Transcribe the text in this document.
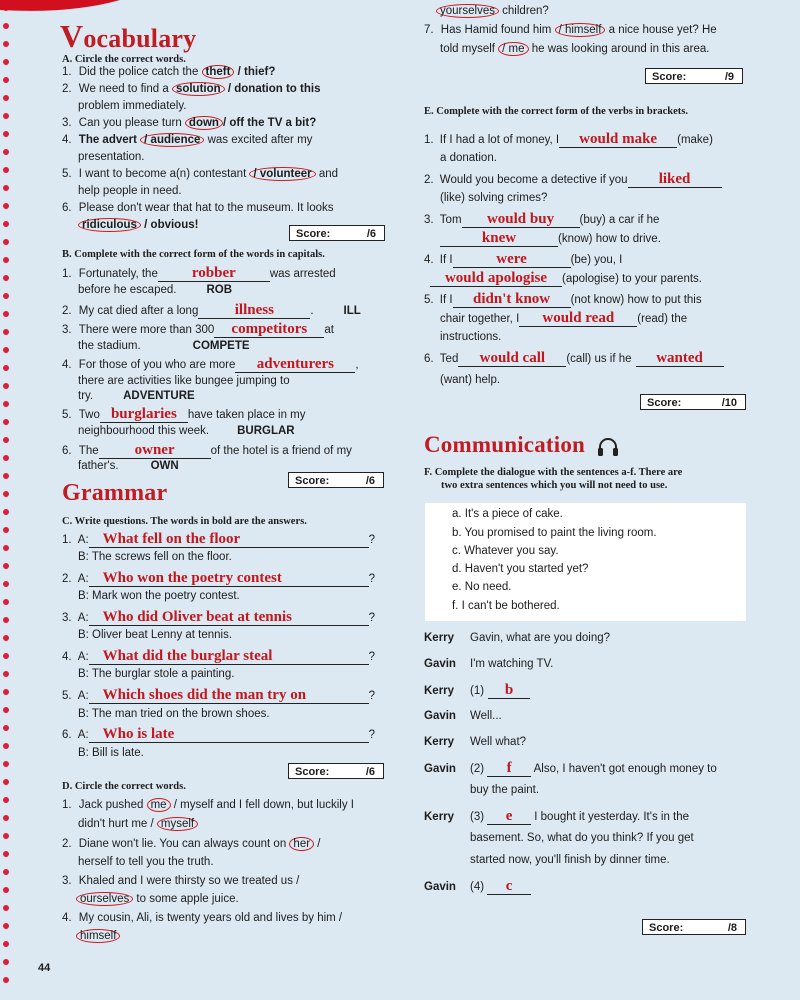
Vocabulary
A. Circle the correct words.
1. Did the police catch the theft / thief?
2. We need to find a solution / donation to this
problem immediately.
3. Can you please turn down / off the TV a bit?
4. The advert / audience was excited after my
presentation.
5. I want to become a(n) contestant / volunteer and
help people in need.
6. Please don't wear that hat to the museum. It looks
ridiculous / obvious!
Score:	/6
B. Complete with the correct form of the words in capitals.
1. Fortunately, the robber	was arrested
before he escaped.	ROB
2. My cat died after a long illness	.	ILL
3. There were more than 300 competitors at
the stadium.	COMPETE
4. For those of you who are more adventurers ,
there are activities like bungee jumping to
try.	ADVENTURE
5. Two burglaries have taken place in my
neighbourhood this week. BURGLAR
6. The owner	of the hotel is a friend of my
father's.	OWN
Score:	/6
Grammar
C. Write questions. The words in bold are the answers.
1. A: What fell on the floor	?
B: The screws fell on the floor.
2. A: Who won the poetry contest	?
B: Mark won the poetry contest.
3. A: Who did Oliver beat at tennis	?
B: Oliver beat Lenny at tennis.
4. A: What did the burglar steal	?
B: The burglar stole a painting.
5. A: Which shoes did the man try on	?
B: The man tried on the brown shoes.
6. A: Who is late	?
B: Bill is late.
Score:	/6
D. Circle the correct words.
1. Jack pushed me / myself and I fell down, but luckily I
didn't hurt me / myself
2. Diane won't lie. You can always count on her /
herself to tell you the truth.
3. Khaled and I were thirsty so we treated us /
ourselves to some apple juice.
4. My cousin, Ali, is twenty years old and lives by him /
himself
44
yourselves children?
7. Has Hamid found him / himself a nice house yet? He
told myself / me he was looking around in this area.
Score:	/9
E. Complete with the correct form of the verbs in brackets.
1. If I had a lot of money, I would make (make)
a donation.
2. Would you become a detective if you liked
(like) solving crimes?
3. Tom would buy (buy) a car if he
knew	(know) how to drive.
4. If I	were	(be) you, I
would apologise (apologise) to your parents.
5. If I didn't know (not know) how to put this
chair together, I would read (read) the
instructions.
6. Ted would call (call) us if he wanted
(want) help.
Score:	/10
Communication
F. Complete the dialogue with the sentences a-f. There are
two extra sentences which you will not need to use.
a. It's a piece of cake.
b. You promised to paint the living room.
c. Whatever you say.
d. Haven't you started yet?
e. No need.
f. I can't be bothered.
Kerry Gavin, what are you doing?
Gavin I'm watching TV.
Kerry (1) b
Gavin Well...
Kerry Well what?
Gavin (2) f Also, I haven't got enough money to
buy the paint.
Kerry (3) e I bought it yesterday. It's in the
basement. So, what do you think? If you get
started now, you'll finish by dinner time.
Gavin (4) c
Score:	/8
